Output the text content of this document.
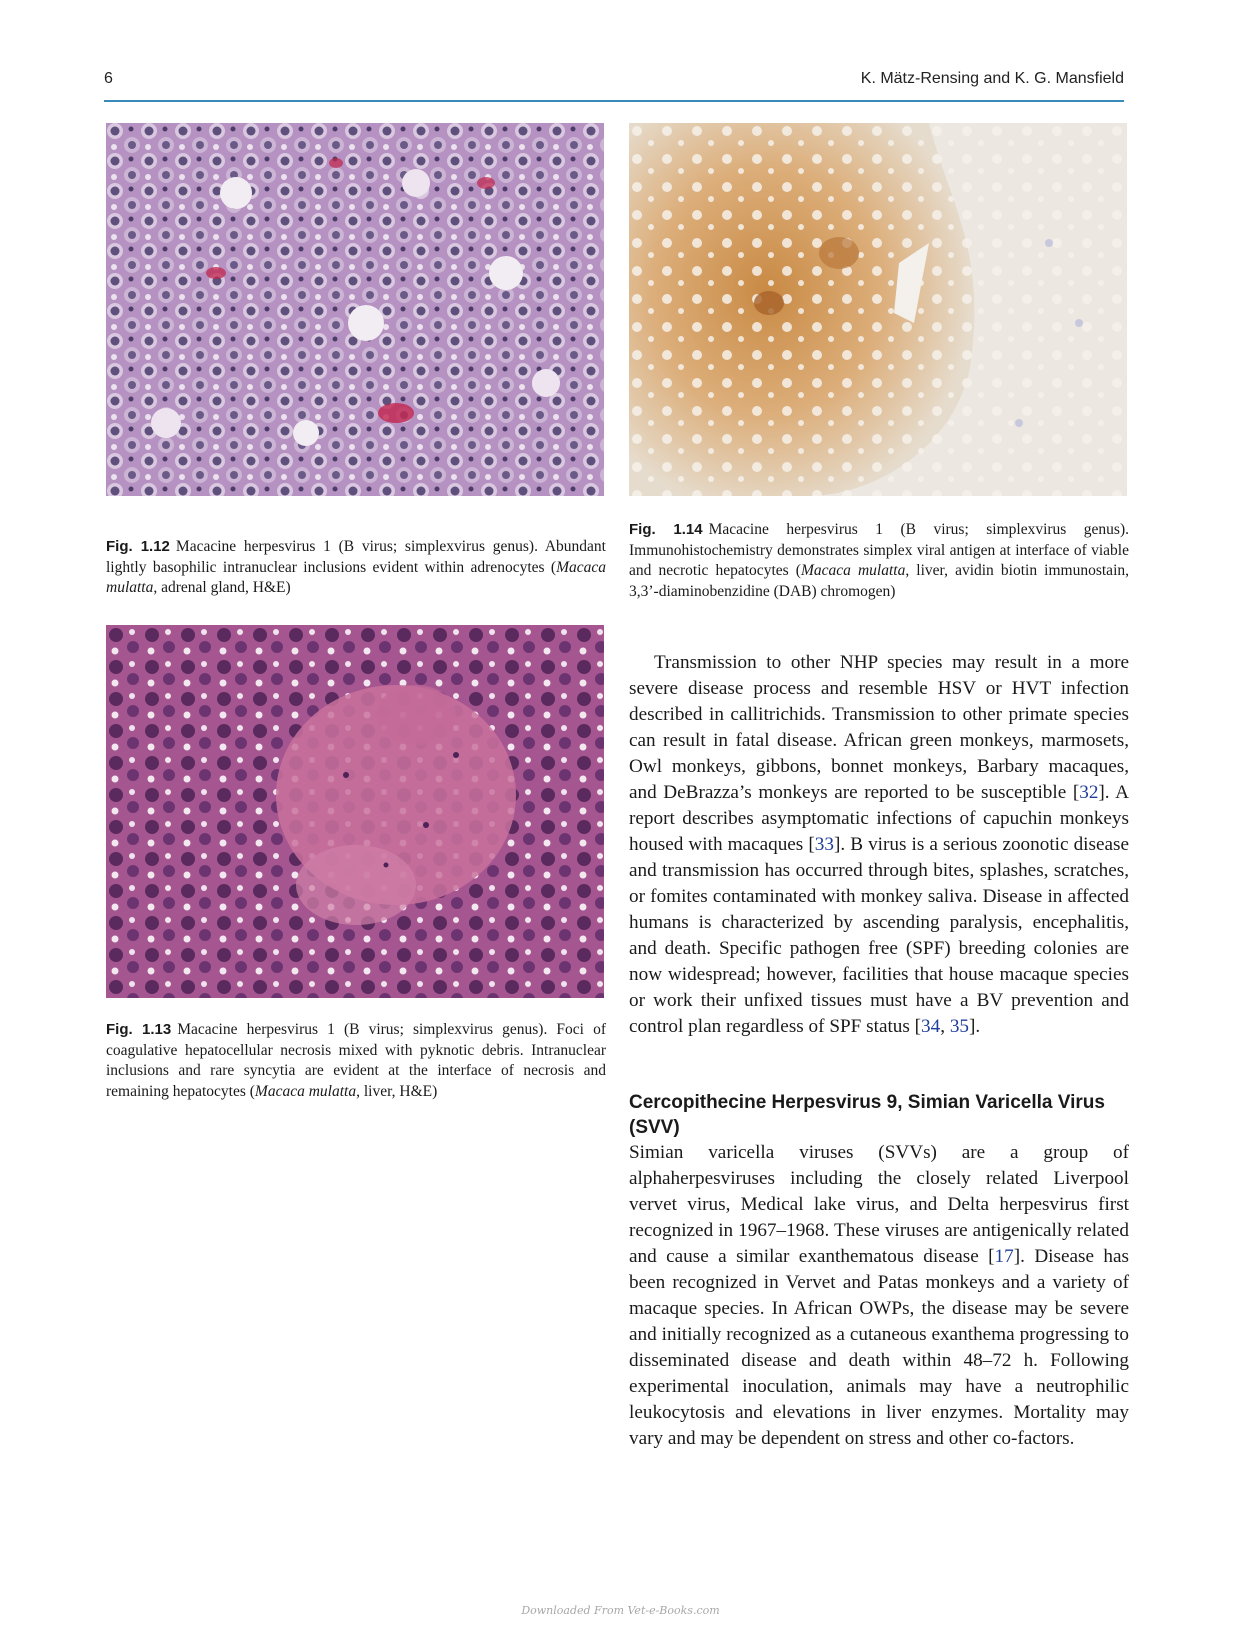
6	K. Mätz-Rensing and K. G. Mansfield
Fig. 1.12 Macacine herpesvirus 1 (B virus; simplexvirus genus). Abundant lightly basophilic intranuclear inclusions evident within adrenocytes (Macaca mulatta, adrenal gland, H&E)
Fig. 1.14 Macacine herpesvirus 1 (B virus; simplexvirus genus). Immunohistochemistry demonstrates simplex viral antigen at interface of viable and necrotic hepatocytes (Macaca mulatta, liver, avidin biotin immunostain, 3,3’-diaminobenzidine (DAB) chromogen)
Fig. 1.13 Macacine herpesvirus 1 (B virus; simplexvirus genus). Foci of coagulative hepatocellular necrosis mixed with pyknotic debris. Intranuclear inclusions and rare syncytia are evident at the interface of necrosis and remaining hepatocytes (Macaca mulatta, liver, H&E)
Transmission to other NHP species may result in a more severe disease process and resemble HSV or HVT infection described in callitrichids. Transmission to other primate species can result in fatal disease. African green monkeys, marmosets, Owl monkeys, gibbons, bonnet monkeys, Barbary macaques, and DeBrazza’s monkeys are reported to be susceptible [32]. A report describes asymptomatic infections of capuchin monkeys housed with macaques [33]. B virus is a serious zoonotic disease and transmission has occurred through bites, splashes, scratches, or fomites contaminated with monkey saliva. Disease in affected humans is characterized by ascending paralysis, encephalitis, and death. Specific pathogen free (SPF) breeding colonies are now widespread; however, facilities that house macaque species or work their unfixed tissues must have a BV prevention and control plan regardless of SPF status [34, 35].
Cercopithecine Herpesvirus 9, Simian Varicella Virus (SVV)
Simian varicella viruses (SVVs) are a group of alphaherpesviruses including the closely related Liverpool vervet virus, Medical lake virus, and Delta herpesvirus first recognized in 1967–1968. These viruses are antigenically related and cause a similar exanthematous disease [17]. Disease has been recognized in Vervet and Patas monkeys and a variety of macaque species. In African OWPs, the disease may be severe and initially recognized as a cutaneous exanthema progressing to disseminated disease and death within 48–72 h. Following experimental inoculation, animals may have a neutrophilic leukocytosis and elevations in liver enzymes. Mortality may vary and may be dependent on stress and other co-factors.
Downloaded From Vet-e-Books.com
